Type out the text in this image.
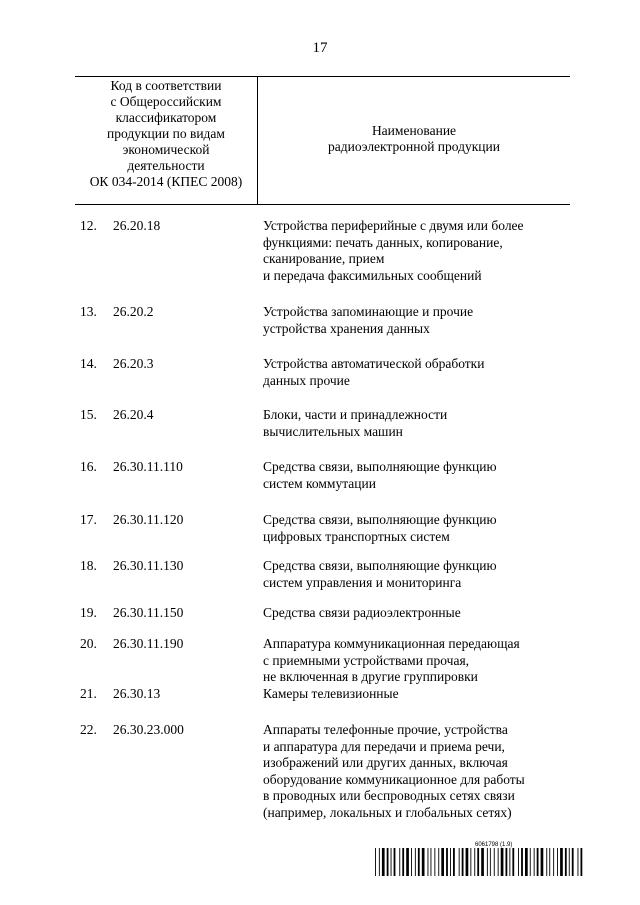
17
Код в соответствии
с Общероссийским
классификатором
продукции по видам
экономической
деятельности
ОК 034-2014 (КПЕС 2008)
Наименование
радиоэлектронной продукции
12. 26.20.18	Устройства периферийные с двумя или более
функциями: печать данных, копирование,
сканирование, прием
и передача факсимильных сообщений
13. 26.20.2	Устройства запоминающие и прочие
устройства хранения данных
14. 26.20.3	Устройства автоматической обработки
данных прочие
15. 26.20.4	Блоки, части и принадлежности
вычислительных машин
16. 26.30.11.110	Средства связи, выполняющие функцию
систем коммутации
17. 26.30.11.120	Средства связи, выполняющие функцию
цифровых транспортных систем
18. 26.30.11.130	Средства связи, выполняющие функцию
систем управления и мониторинга
19. 26.30.11.150	Средства связи радиоэлектронные
20. 26.30.11.190	Аппаратура коммуникационная передающая
с приемными устройствами прочая,
не включенная в другие группировки
21. 26.30.13	Камеры телевизионные
22. 26.30.23.000	Аппараты телефонные прочие, устройства
и аппаратура для передачи и приема речи,
изображений или других данных, включая
оборудование коммуникационное для работы
в проводных или беспроводных сетях связи
(например, локальных и глобальных сетях)
6061798 (1.9)
